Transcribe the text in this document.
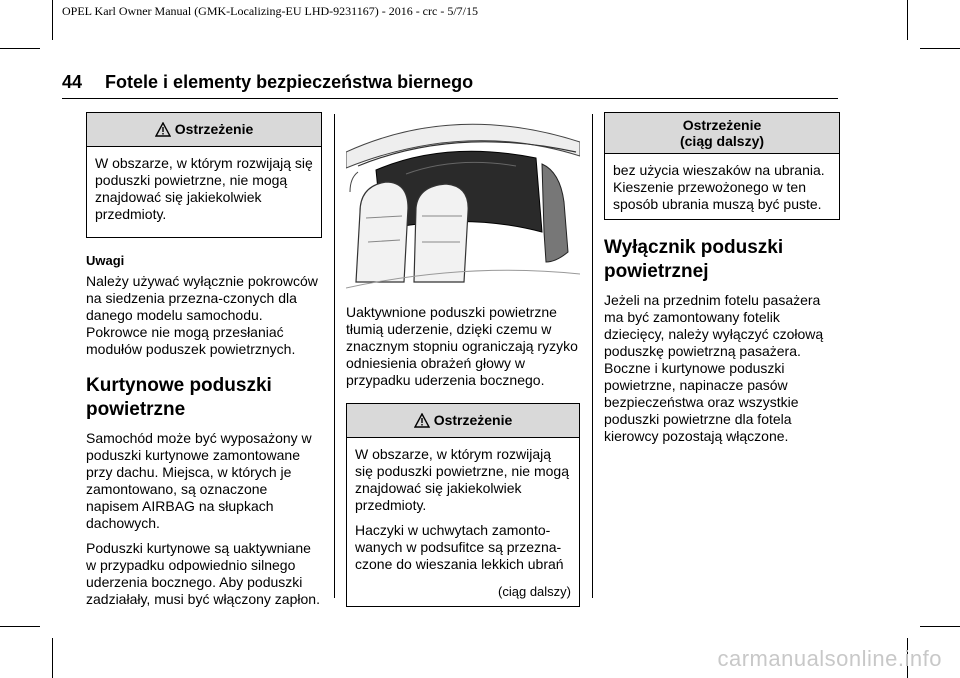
OPEL Karl Owner Manual (GMK-Localizing-EU LHD-9231167) - 2016 - crc - 5/7/15
44 Fotele i elementy bezpieczeństwa biernego
Ostrzeżenie

W obszarze, w którym rozwijają się poduszki powietrzne, nie mogą znajdować się jakiekolwiek przedmioty.

Uwagi

Należy używać wyłącznie pokrowców na siedzenia przezna-czonych dla danego modelu samochodu. Pokrowce nie mogą przesłaniać modułów poduszek powietrznych.

Kurtynowe poduszki powietrzne

Samochód może być wyposażony w poduszki kurtynowe zamontowane przy dachu. Miejsca, w których je zamontowano, są oznaczone napisem AIRBAG na słupkach dachowych.

Poduszki kurtynowe są uaktywniane w przypadku odpowiednio silnego uderzenia bocznego. Aby poduszki zadziałały, musi być włączony zapłon.

Uaktywnione poduszki powietrzne tłumią uderzenie, dzięki czemu w znacznym stopniu ograniczają ryzyko odniesienia obrażeń głowy w przypadku uderzenia bocznego.

Ostrzeżenie

W obszarze, w którym rozwijają się poduszki powietrzne, nie mogą znajdować się jakiekolwiek przedmioty.

Haczyki w uchwytach zamonto-wanych w podsufitce są przezna-czone do wieszania lekkich ubrań

(ciąg dalszy)
Ostrzeżenie
(ciąg dalszy)

bez użycia wieszaków na ubrania. Kieszenie przewożonego w ten sposób ubrania muszą być puste.

Wyłącznik poduszki powietrznej

Jeżeli na przednim fotelu pasażera ma być zamontowany fotelik dziecięcy, należy wyłączyć czołową poduszkę powietrzną pasażera. Boczne i kurtynowe poduszki powietrzne, napinacze pasów bezpieczeństwa oraz wszystkie poduszki powietrzne dla fotela kierowcy pozostają włączone.

carmanualsonline.info
